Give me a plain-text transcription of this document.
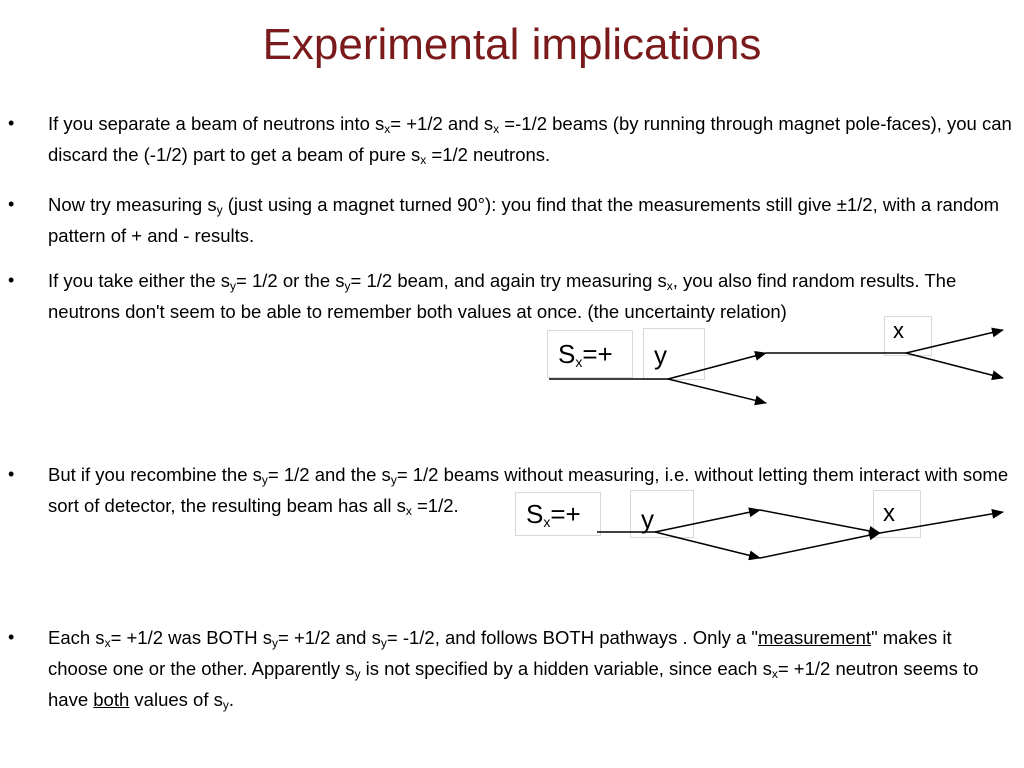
Experimental implications
• If you separate a beam of neutrons into $s_x= +1/2$ and $s_x =-1/2$ beams (by running through magnet pole-faces), you can discard the (-1/2) part to get a beam of pure $s_x =1/2$ neutrons.
• Now try measuring $s_y$ (just using a magnet turned 90°): you find that the measurements still give ±1/2, with a random pattern of + and - results.
• If you take either the $s_y= 1/2$ or the $s_y= 1/2$ beam, and again try measuring $s_x$, you also find random results. The neutrons don't seem to be able to remember both values at once. (the uncertainty relation)
• But if you recombine the $s_y= 1/2$ and the $s_y= 1/2$ beams without measuring, i.e. without letting them interact with some sort of detector, the resulting beam has all $s_x =1/2$.
• Each $s_x= +1/2$ was BOTH $s_y= +1/2$ and $s_y= -1/2$, and follows BOTH pathways . Only a "measurement" makes it choose one or the other. Apparently $s_y$ is not specified by a hidden variable, since each $s_x= +1/2$ neutron seems to have both values of $s_y$.
$S_x=+ y$
x
$S_x=+ y$	x
